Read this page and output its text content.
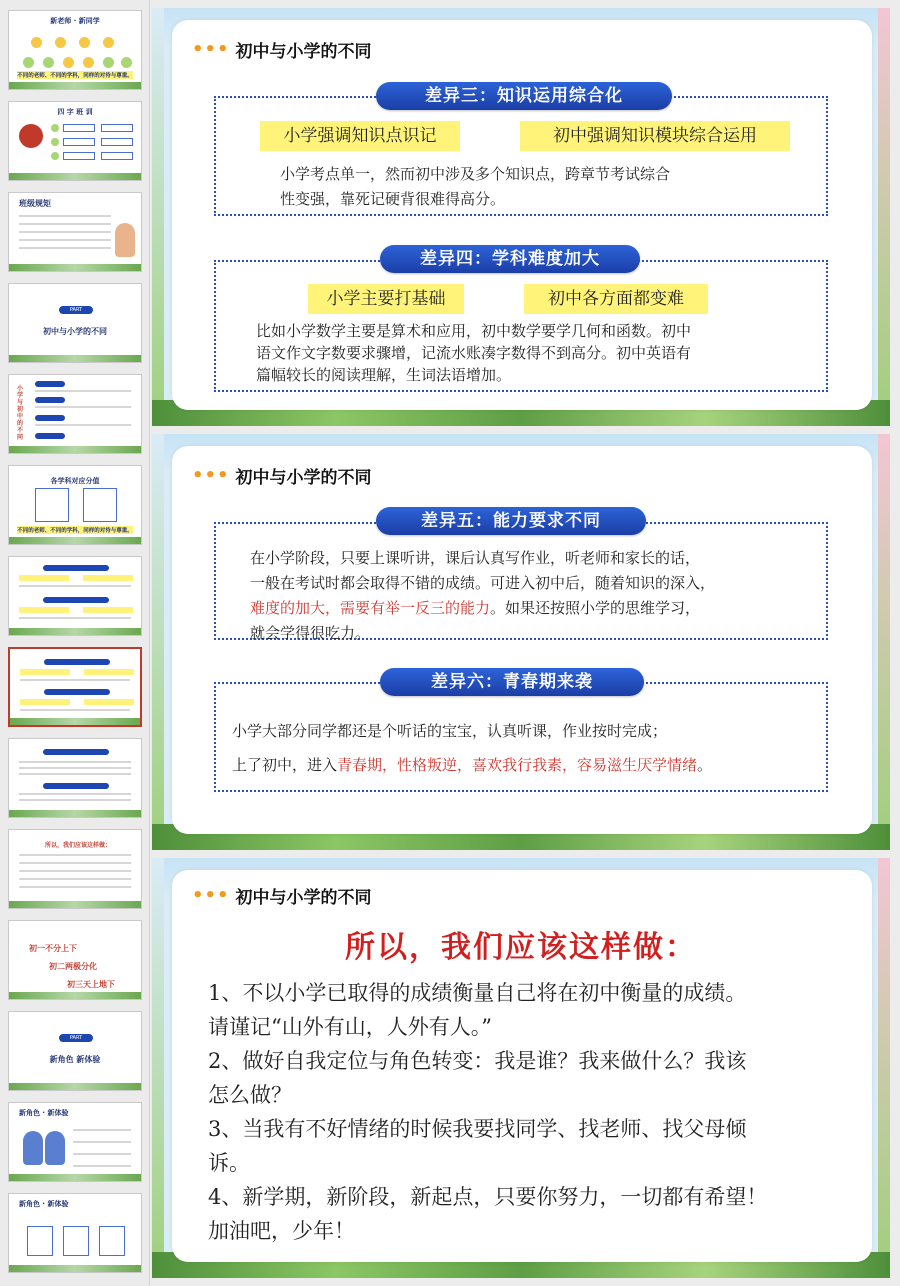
新老师 · 新同学
不同的老师、不同的学科，同样的对待与尊重。
四 字 班 训
班级规矩
PART
初中与小学的不同
小学与初中的不同
各学科对应分值
不同的老师、不同的学科，同样的对待与尊重。
所以，我们应该这样做：
初一不分上下
初二两极分化
初三天上地下
PART
新角色 新体验
新角色 · 新体验
新角色 · 新体验
••• 初中与小学的不同
差异三：知识运用综合化
小学强调知识点识记	初中强调知识模块综合运用
小学考点单一，然而初中涉及多个知识点，跨章节考试综合
性变强，靠死记硬背很难得高分。
差异四：学科难度加大
小学主要打基础	初中各方面都变难
比如小学数学主要是算术和应用，初中数学要学几何和函数。初中
语文作文字数要求骤增，记流水账凑字数得不到高分。初中英语有
篇幅较长的阅读理解，生词法语增加。
••• 初中与小学的不同
差异五：能力要求不同
在小学阶段，只要上课听讲，课后认真写作业，听老师和家长的话，
一般在考试时都会取得不错的成绩。可进入初中后，随着知识的深入，
难度的加大，需要有举一反三的能力。如果还按照小学的思维学习，
就会学得很吃力。
差异六：青春期来袭
小学大部分同学都还是个听话的宝宝，认真听课，作业按时完成；
上了初中，进入青春期，性格叛逆，喜欢我行我素，容易滋生厌学情绪。
••• 初中与小学的不同
所以，我们应该这样做：
1、不以小学已取得的成绩衡量自己将在初中衡量的成绩。
请谨记“山外有山，人外有人。”
2、做好自我定位与角色转变：我是谁？我来做什么？我该
怎么做？
3、当我有不好情绪的时候我要找同学、找老师、找父母倾
诉。
4、新学期，新阶段，新起点，只要你努力，一切都有希望！
加油吧，少年！
